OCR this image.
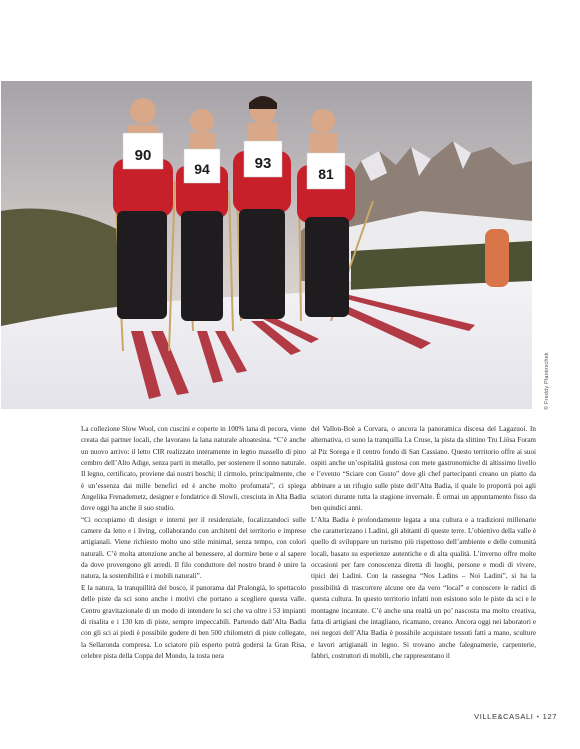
90
94	93
81
© Freddy Planinschek

La collezione Slow Wool, con cuscini e coperte in 100% lana di pecora, viene creata dai partner locali, che lavorano la lana naturale altoatesina. “C’è anche un nuovo arrivo: il letto CIR realizzato interamente in legno massello di pino cembro dell’Alto Adige, senza parti in metallo, per sostenere il sonno naturale. Il legno, certificato, proviene dai nostri boschi; il cirmolo, principalmente, che è un’essenza dai mille benefici ed è anche molto profumata”, ci spiega Angelika Frenademetz, designer e fondatrice di Slowli, cresciuta in Alta Badia dove oggi ha anche il suo studio.

“Ci occupiamo di design e interni per il residenziale, focalizzandoci sulle camere da letto e i living, collaborando con architetti del territorio e imprese artigianali. Viene richiesto molto uno stile minimal, senza tempo, con colori naturali. C’è molta attenzione anche al benessere, al dormire bene e al sapere da dove provengono gli arredi. Il filo conduttore del nostro brand è unire la natura, la sostenibilità e i mobili naturali”.

E la natura, la tranquillità del bosco, il panorama dal Pralongià, lo spettacolo delle piste da sci sono anche i motivi che portano a scegliere questa valle. Centro gravitazionale di un modo di intendere lo sci che va oltre i 53 impianti di risalita e i 130 km di piste, sempre impeccabili. Partendo dall’Alta Badia con gli sci ai piedi è possibile godere di ben 500 chilometri di piste collegate, la Sellaronda compresa. Lo sciatore più esperto potrà godersi la Gran Risa, celebre pista della Coppa del Mondo, la tosta nera

del Vallon-Boè a Corvara, o ancora la panoramica discesa del Lagazuoi. In alternativa, ci sono la tranquilla La Cruse, la pista da slittino Tru Liösa Foram al Piz Sorega e il centro fondo di San Cassiano. Questo territorio offre ai suoi ospiti anche un’ospitalità gustosa con mete gastronomiche di altissimo livello e l’evento “Sciare con Gusto” dove gli chef partecipanti creano un piatto da abbinare a un rifugio sulle piste dell’Alta Badia, il quale lo proporrà poi agli sciatori durante tutta la stagione invernale. È ormai un appuntamento fisso da ben quindici anni.

L’Alta Badia è profondamente legata a una cultura e a tradizioni millenarie che caratterizzano i Ladini, gli abitanti di queste terre. L’obiettivo della valle è quello di sviluppare un turismo più rispettoso dell’ambiente e delle comunità locali, basato su esperienze autentiche e di alta qualità. L’inverno offre molte occasioni per fare conoscenza diretta di luoghi, persone e modi di vivere, tipici dei Ladini. Con la rassegna “Nos Ladins – Noi Ladini”, si ha la possibilità di trascorrere alcune ore da vero “local” e conoscere le radici di questa cultura. In questo territorio infatti non esistono solo le piste da sci e le montagne incantate. C’è anche una realtà un po’ nascosta ma molto creativa, fatta di artigiani che intagliano, ricamano, creano. Ancora oggi nei laboratori e nei negozi dell’Alta Badia è possibile acquistare tessuti fatti a mano, sculture e lavori artigianali in legno. Si trovano anche falegnamerie, carpenterie, fabbri, costruttori di mobili, che rappresentano il

VILLE&CASALI • 127
